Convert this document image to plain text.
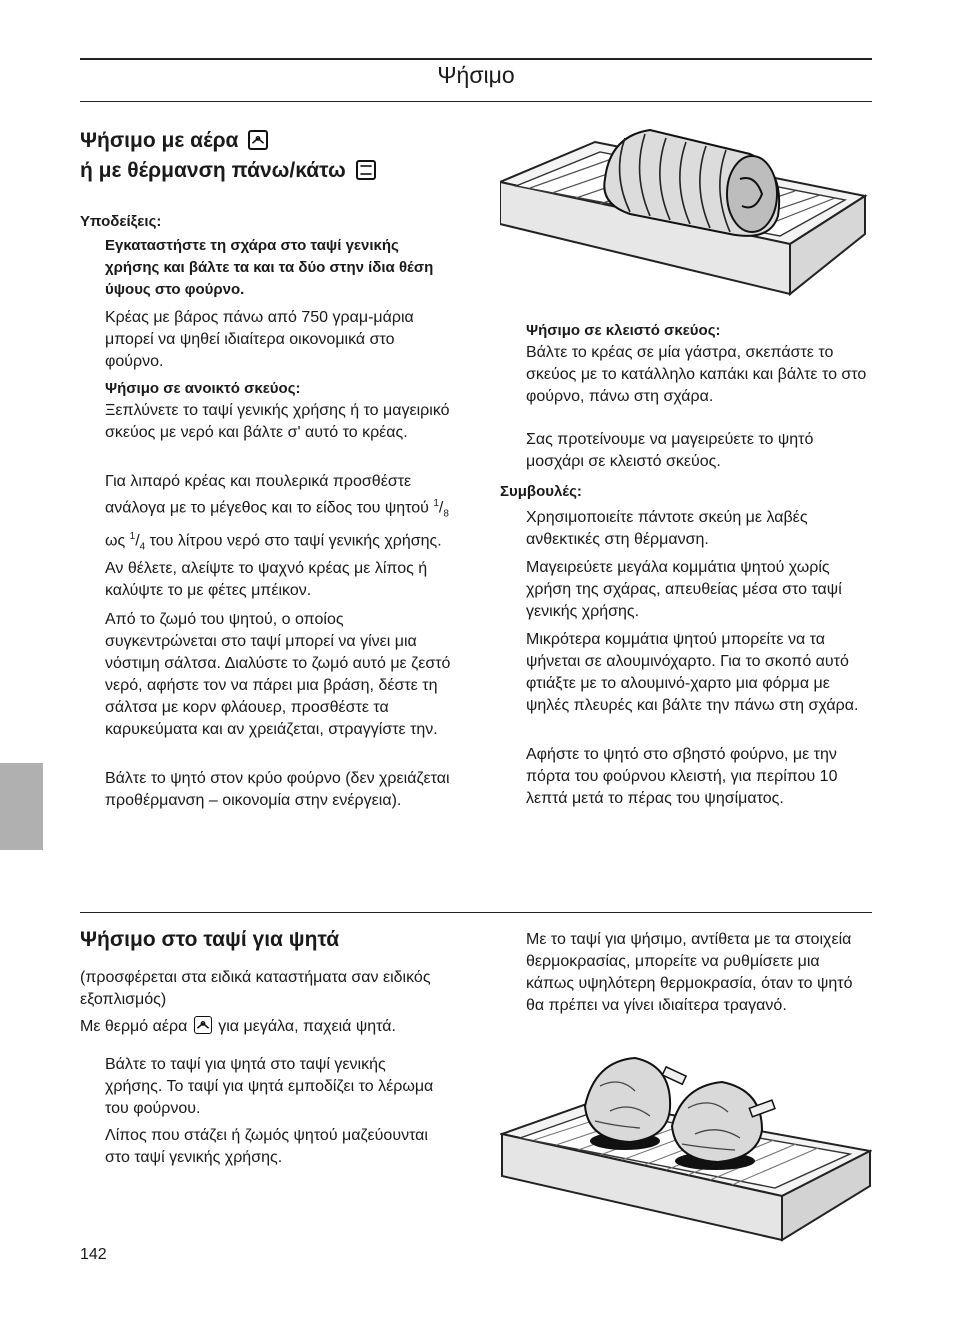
Ψήσιμο
Ψήσιμο με αέρα
ή με θέρμανση πάνω/κάτω
Υποδείξεις:
Εγκαταστήστε τη σχάρα στο ταψί γενικής χρήσης και βάλτε τα και τα δύο στην ίδια θέση ύψους στο φούρνο.
Κρέας με βάρος πάνω από 750 γραμ-μάρια μπορεί να ψηθεί ιδιαίτερα οικονομικά στο φούρνο.
Ψήσιμο σε ανοικτό σκεύος:
Ξεπλύνετε το ταψί γενικής χρήσης ή το μαγειρικό σκεύος με νερό και βάλτε σ' αυτό το κρέας.
Για λιπαρό κρέας και πουλερικά προσθέστε ανάλογα με το μέγεθος και το είδος του ψητού $^1/_8$ ως $^1/_4$ του λίτρου νερό στο ταψί γενικής χρήσης. Αν θέλετε, αλείψτε το ψαχνό κρέας με λίπος ή καλύψτε το με φέτες μπέικον.
Από το ζωμό του ψητού, ο οποίος συγκεντρώνεται στο ταψί μπορεί να γίνει μια νόστιμη σάλτσα. Διαλύστε το ζωμό αυτό με ζεστό νερό, αφήστε τον να πάρει μια βράση, δέστε τη σάλτσα με κορν φλάουερ, προσθέστε τα καρυκεύματα και αν χρειάζεται, στραγγίστε την.
Βάλτε το ψητό στον κρύο φούρνο (δεν χρειάζεται προθέρμανση – οικονομία στην ενέργεια).
Ψήσιμο σε κλειστό σκεύος:
Βάλτε το κρέας σε μία γάστρα, σκεπάστε το σκεύος με το κατάλληλο καπάκι και βάλτε το στο φούρνο, πάνω στη σχάρα.
Σας προτείνουμε να μαγειρεύετε το ψητό μοσχάρι σε κλειστό σκεύος.
Συμβουλές:
Χρησιμοποιείτε πάντοτε σκεύη με λαβές ανθεκτικές στη θέρμανση.
Μαγειρεύετε μεγάλα κομμάτια ψητού χωρίς χρήση της σχάρας, απευθείας μέσα στο ταψί γενικής χρήσης.
Μικρότερα κομμάτια ψητού μπορείτε να τα ψήνεται σε αλουμινόχαρτο. Για το σκοπό αυτό φτιάξτε με το αλουμινό-χαρτο μια φόρμα με ψηλές πλευρές και βάλτε την πάνω στη σχάρα.
Αφήστε το ψητό στο σβηστό φούρνο, με την πόρτα του φούρνου κλειστή, για περίπου 10 λεπτά μετά το πέρας του ψησίματος.
Ψήσιμο στο ταψί για ψητά
(προσφέρεται στα ειδικά καταστήματα σαν ειδικός εξοπλισμός)
Με θερμό αέρα για μεγάλα, παχειά ψητά.
Βάλτε το ταψί για ψητά στο ταψί γενικής χρήσης. Το ταψί για ψητά εμποδίζει το λέρωμα του φούρνου.
Λίπος που στάζει ή ζωμός ψητού μαζεύουνται στο ταψί γενικής χρήσης.
Με το ταψί για ψήσιμο, αντίθετα με τα στοιχεία θερμοκρασίας, μπορείτε να ρυθμίσετε μια κάπως υψηλότερη θερμοκρασία, όταν το ψητό θα πρέπει να γίνει ιδιαίτερα τραγανό.
142
